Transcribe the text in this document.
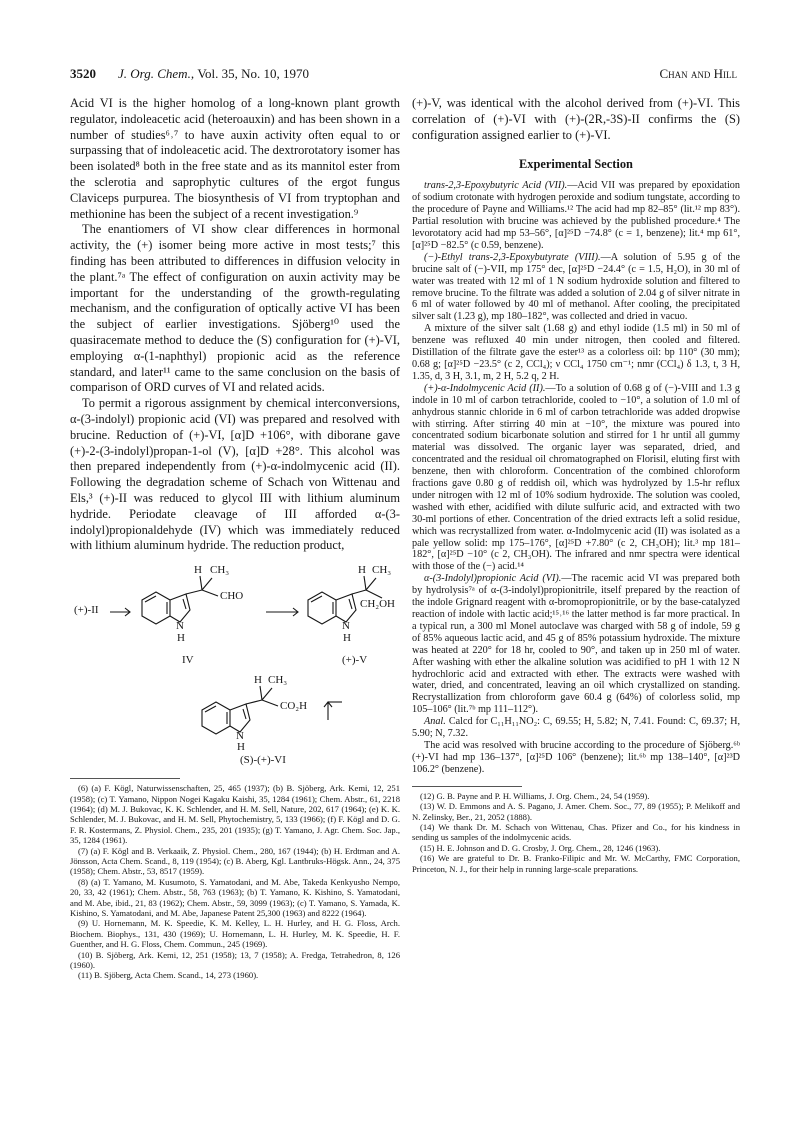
3520 J. Org. Chem., Vol. 35, No. 10, 1970	Chan and Hill

Acid VI is the higher homolog of a long-known plant growth regulator, indoleacetic acid (heteroauxin) and has been shown in a number of studies⁶˒⁷ to have auxin activity often equal to or surpassing that of indoleacetic acid. The dextrorotatory isomer has been isolated⁸ both in the free state and as its mannitol ester from the sclerotia and saprophytic cultures of the ergot fungus Claviceps purpurea. The biosynthesis of VI from tryptophan and methionine has been the subject of a recent investigation.⁹

The enantiomers of VI show clear differences in hormonal activity, the (+) isomer being more active in most tests;⁷ this finding has been attributed to differences in diffusion velocity in the plant.⁷ᵃ The effect of configuration on auxin activity may be important for the understanding of the growth-regulating mechanism, and the configuration of optically active VI has been the subject of earlier investigations. Sjöberg¹⁰ used the quasiracemate method to deduce the (S) configuration for (+)-VI, employing α-(1-naphthyl) propionic acid as the reference standard, and later¹¹ came to the same conclusion on the basis of comparison of ORD curves of VI and related acids.

To permit a rigorous assignment by chemical interconversions, α-(3-indolyl) propionic acid (VI) was prepared and resolved with brucine. Reduction of (+)-VI, [α]D +106°, with diborane gave (+)-2-(3-indolyl)propan-1-ol (V), [α]D +28°. This alcohol was then prepared independently from (+)-α-indolmycenic acid (II). Following the degradation scheme of Schach von Wittenau and Els,³ (+)-II was reduced to glycol III with lithium aluminum hydride. Periodate cleavage of III afforded α-(3-indolyl)propionaldehyde (IV) which was immediately reduced with lithium aluminum hydride. The reduction product,

(+)-II
H CH₃
CHO
N
H
IV
H CH₃
CH₂OH
N
H
(+)-V
H CH₃
CO₂H
N
H
(S)-(+)-VI

(6) (a) F. Kögl, Naturwissenschaften, 25, 465 (1937); (b) B. Sjöberg, Ark. Kemi, 12, 251 (1958); (c) T. Yamano, Nippon Nogei Kagaku Kaishi, 35, 1284 (1961); Chem. Abstr., 61, 2218 (1964); (d) M. J. Bukovac, K. K. Schlender, and H. M. Sell, Nature, 202, 617 (1964); (e) K. K. Schlender, M. J. Bukovac, and H. M. Sell, Phytochemistry, 5, 133 (1966); (f) F. Kögl and D. G. F. R. Kostermans, Z. Physiol. Chem., 235, 201 (1935); (g) T. Yamano, J. Agr. Chem. Soc. Jap., 35, 1284 (1961).

(7) (a) F. Kögl and B. Verkaaik, Z. Physiol. Chem., 280, 167 (1944); (b) H. Erdtman and A. Jönsson, Acta Chem. Scand., 8, 119 (1954); (c) B. Aberg, Kgl. Lantbruks-Högsk. Ann., 24, 375 (1958); Chem. Abstr., 53, 8517 (1959).

(8) (a) T. Yamano, M. Kusumoto, S. Yamatodani, and M. Abe, Takeda Kenkyusho Nempo, 20, 33, 42 (1961); Chem. Abstr., 58, 763 (1963); (b) T. Yamano, K. Kishino, S. Yamatodani, and M. Abe, ibid., 21, 83 (1962); Chem. Abstr., 59, 3099 (1963); (c) T. Yamano, S. Yamada, K. Kishino, S. Yamatodani, and M. Abe, Japanese Patent 25,300 (1963) and 8222 (1964).

(9) U. Hornemann, M. K. Speedie, K. M. Kelley, L. H. Hurley, and H. G. Floss, Arch. Biochem. Biophys., 131, 430 (1969); U. Hornemann, L. H. Hurley, M. K. Speedie, H. F. Guenther, and H. G. Floss, Chem. Commun., 245 (1969).

(10) B. Sjöberg, Ark. Kemi, 12, 251 (1958); 13, 7 (1958); A. Fredga, Tetrahedron, 8, 126 (1960).

(11) B. Sjöberg, Acta Chem. Scand., 14, 273 (1960).

(+)-V, was identical with the alcohol derived from (+)-VI. This correlation of (+)-VI with (+)-(2R,-3S)-II confirms the (S) configuration assigned earlier to (+)-VI.

Experimental Section

trans-2,3-Epoxybutyric Acid (VII).—Acid VII was prepared by epoxidation of sodium crotonate with hydrogen peroxide and sodium tungstate, according to the procedure of Payne and Williams.¹² The acid had mp 82–85° (lit.¹² mp 83°). Partial resolution with brucine was achieved by the published procedure.⁴ The levorotatory acid had mp 53–56°, [α]²⁵D −74.8° (c = 1, benzene); lit.⁴ mp 61°, [α]²⁵D −82.5° (c 0.59, benzene).

(−)-Ethyl trans-2,3-Epoxybutyrate (VIII).—A solution of 5.95 g of the brucine salt of (−)-VII, mp 175° dec, [α]²⁵D −24.4° (c = 1.5, H₂O), in 30 ml of water was treated with 12 ml of 1 N sodium hydroxide solution and filtered to remove brucine. To the filtrate was added a solution of 2.04 g of silver nitrate in 6 ml of water followed by 40 ml of methanol. After cooling, the precipitated silver salt (1.23 g), mp 180–182°, was collected and dried in vacuo.

A mixture of the silver salt (1.68 g) and ethyl iodide (1.5 ml) in 50 ml of benzene was refluxed 40 min under nitrogen, then cooled and filtered. Distillation of the filtrate gave the ester¹³ as a colorless oil: bp 110° (30 mm); 0.68 g; [α]²⁵D −23.5° (c 2, CCl₄); ν CCl₄ 1750 cm⁻¹; nmr (CCl₄) δ 1.3, t, 3 H, 1.35, d, 3 H, 3.1, m, 2 H, 5.2 q, 2 H.

(+)-α-Indolmycenic Acid (II).—To a solution of 0.68 g of (−)-VIII and 1.3 g indole in 10 ml of carbon tetrachloride, cooled to −10°, a solution of 1.0 ml of anhydrous stannic chloride in 6 ml of carbon tetrachloride was added dropwise with stirring. After stirring 40 min at −10°, the mixture was poured into concentrated sodium bicarbonate solution and stirred for 1 hr until all gummy material was dissolved. The organic layer was separated, dried, and concentrated and the residual oil chromatographed on Florisil, eluting first with benzene, then with chloroform. Concentration of the combined chloroform fractions gave 0.80 g of reddish oil, which was hydrolyzed by 1.5-hr reflux under nitrogen with 12 ml of 10% sodium hydroxide. The solution was cooled, washed with ether, acidified with dilute sulfuric acid, and extracted with two 30-ml portions of ether. Concentration of the dried extracts left a solid residue, which was recrystallized from water. α-Indolmycenic acid (II) was isolated as a pale yellow solid: mp 175–176°, [α]²⁵D +7.80° (c 2, CH₃OH); lit.³ mp 181–182°, [α]²⁵D −10° (c 2, CH₃OH). The infrared and nmr spectra were identical with those of the (−) acid.¹⁴

α-(3-Indolyl)propionic Acid (VI).—The racemic acid VI was prepared both by hydrolysis⁷ᵃ of α-(3-indolyl)propionitrile, itself prepared by the reaction of the indole Grignard reagent with α-bromopropionitrile, or by the base-catalyzed reaction of indole with lactic acid;¹⁵˒¹⁶ the latter method is far more practical. In a typical run, a 300 ml Monel autoclave was charged with 58 g of indole, 59 g of 85% aqueous lactic acid, and 45 g of 85% potassium hydroxide. The mixture was heated at 220° for 18 hr, cooled to 90°, and taken up in 250 ml of water. After washing with ether the alkaline solution was acidified to pH 1 with 12 N hydrochloric acid and extracted with ether. The extracts were washed with water, dried, and concentrated, leaving an oil which crystallized on standing. Recrystallization from chloroform gave 60.4 g (64%) of colorless solid, mp 105–106° (lit.⁷ᵇ mp 111–112°).

Anal. Calcd for C₁₁H₁₁NO₂: C, 69.55; H, 5.82; N, 7.41. Found: C, 69.37; H, 5.90; N, 7.32.

The acid was resolved with brucine according to the procedure of Sjöberg.⁶ᵇ (+)-VI had mp 136–137°, [α]²⁵D 106° (benzene); lit.⁶ᵇ mp 138–140°, [α]²³D 106.2° (benzene).

(12) G. B. Payne and P. H. Williams, J. Org. Chem., 24, 54 (1959).

(13) W. D. Emmons and A. S. Pagano, J. Amer. Chem. Soc., 77, 89 (1955); P. Melikoff and N. Zelinsky, Ber., 21, 2052 (1888).

(14) We thank Dr. M. Schach von Wittenau, Chas. Pfizer and Co., for his kindness in sending us samples of the indolmycenic acids.

(15) H. E. Johnson and D. G. Crosby, J. Org. Chem., 28, 1246 (1963).

(16) We are grateful to Dr. B. Franko-Filipic and Mr. W. McCarthy, FMC Corporation, Princeton, N. J., for their help in running large-scale preparations.
